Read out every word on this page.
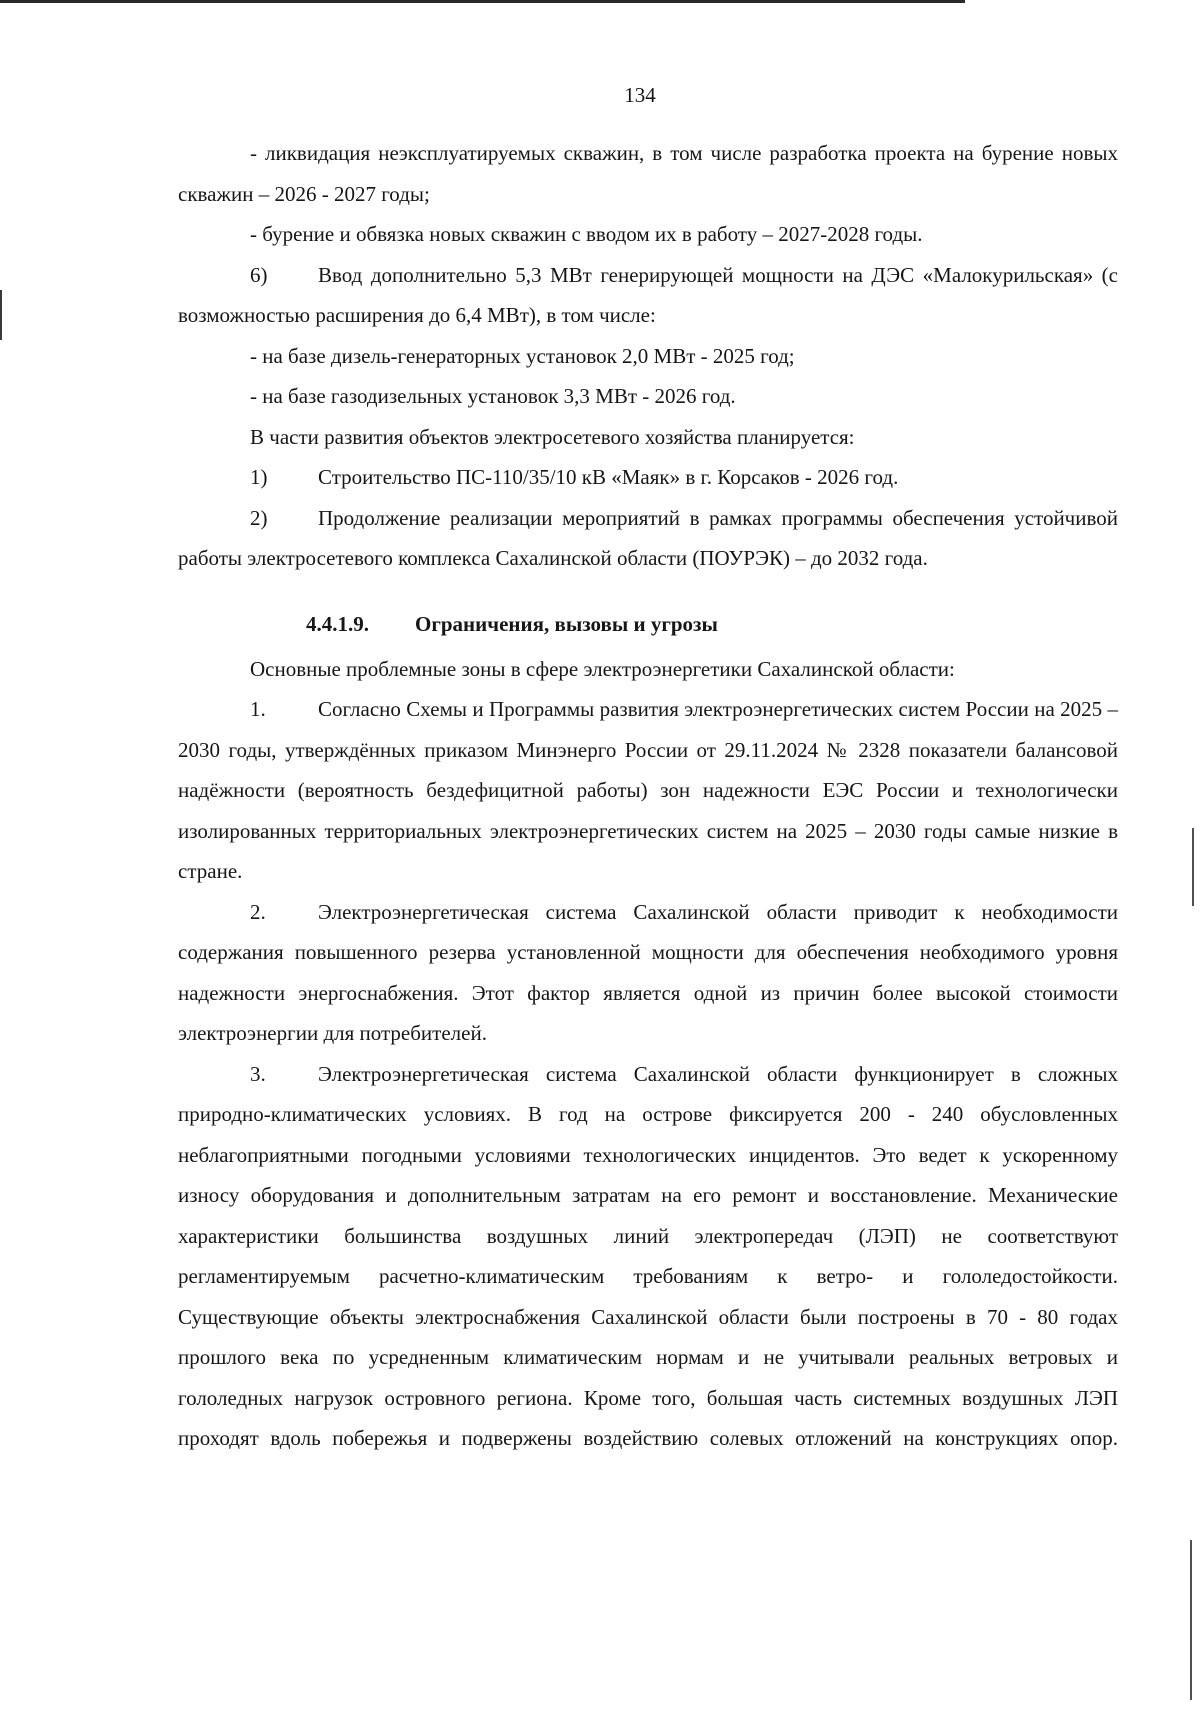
134

- ликвидация неэксплуатируемых скважин, в том числе разработка проекта на бурение новых скважин – 2026 - 2027 годы;

- бурение и обвязка новых скважин с вводом их в работу – 2027-2028 годы.

6) Ввод дополнительно 5,3 МВт генерирующей мощности на ДЭС «Малокурильская» (с возможностью расширения до 6,4 МВт), в том числе:

- на базе дизель-генераторных установок 2,0 МВт - 2025 год;

- на базе газодизельных установок 3,3 МВт - 2026 год.

В части развития объектов электросетевого хозяйства планируется:

1) Строительство ПС-110/35/10 кВ «Маяк» в г. Корсаков - 2026 год.

2) Продолжение реализации мероприятий в рамках программы обеспечения устойчивой работы электросетевого комплекса Сахалинской области (ПОУРЭК) – до 2032 года.

4.4.1.9. Ограничения, вызовы и угрозы

Основные проблемные зоны в сфере электроэнергетики Сахалинской области:

1. Согласно Схемы и Программы развития электроэнергетических систем России на 2025 – 2030 годы, утверждённых приказом Минэнерго России от 29.11.2024 № 2328 показатели балансовой надёжности (вероятность бездефицитной работы) зон надежности ЕЭС России и технологически изолированных территориальных электроэнергетических систем на 2025 – 2030 годы самые низкие в стране.

2. Электроэнергетическая система Сахалинской области приводит к необходимости содержания повышенного резерва установленной мощности для обеспечения необходимого уровня надежности энергоснабжения. Этот фактор является одной из причин более высокой стоимости электроэнергии для потребителей.

3. Электроэнергетическая система Сахалинской области функционирует в сложных природно-климатических условиях. В год на острове фиксируется 200 - 240 обусловленных неблагоприятными погодными условиями технологических инцидентов. Это ведет к ускоренному износу оборудования и дополнительным затратам на его ремонт и восстановление. Механические характеристики большинства воздушных линий электропередач (ЛЭП) не соответствуют регламентируемым расчетно-климатическим требованиям к ветро- и гололедостойкости. Существующие объекты электроснабжения Сахалинской области были построены в 70 - 80 годах прошлого века по усредненным климатическим нормам и не учитывали реальных ветровых и гололедных нагрузок островного региона. Кроме того, большая часть системных воздушных ЛЭП проходят вдоль побережья и подвержены воздействию солевых отложений на конструкциях опор.
